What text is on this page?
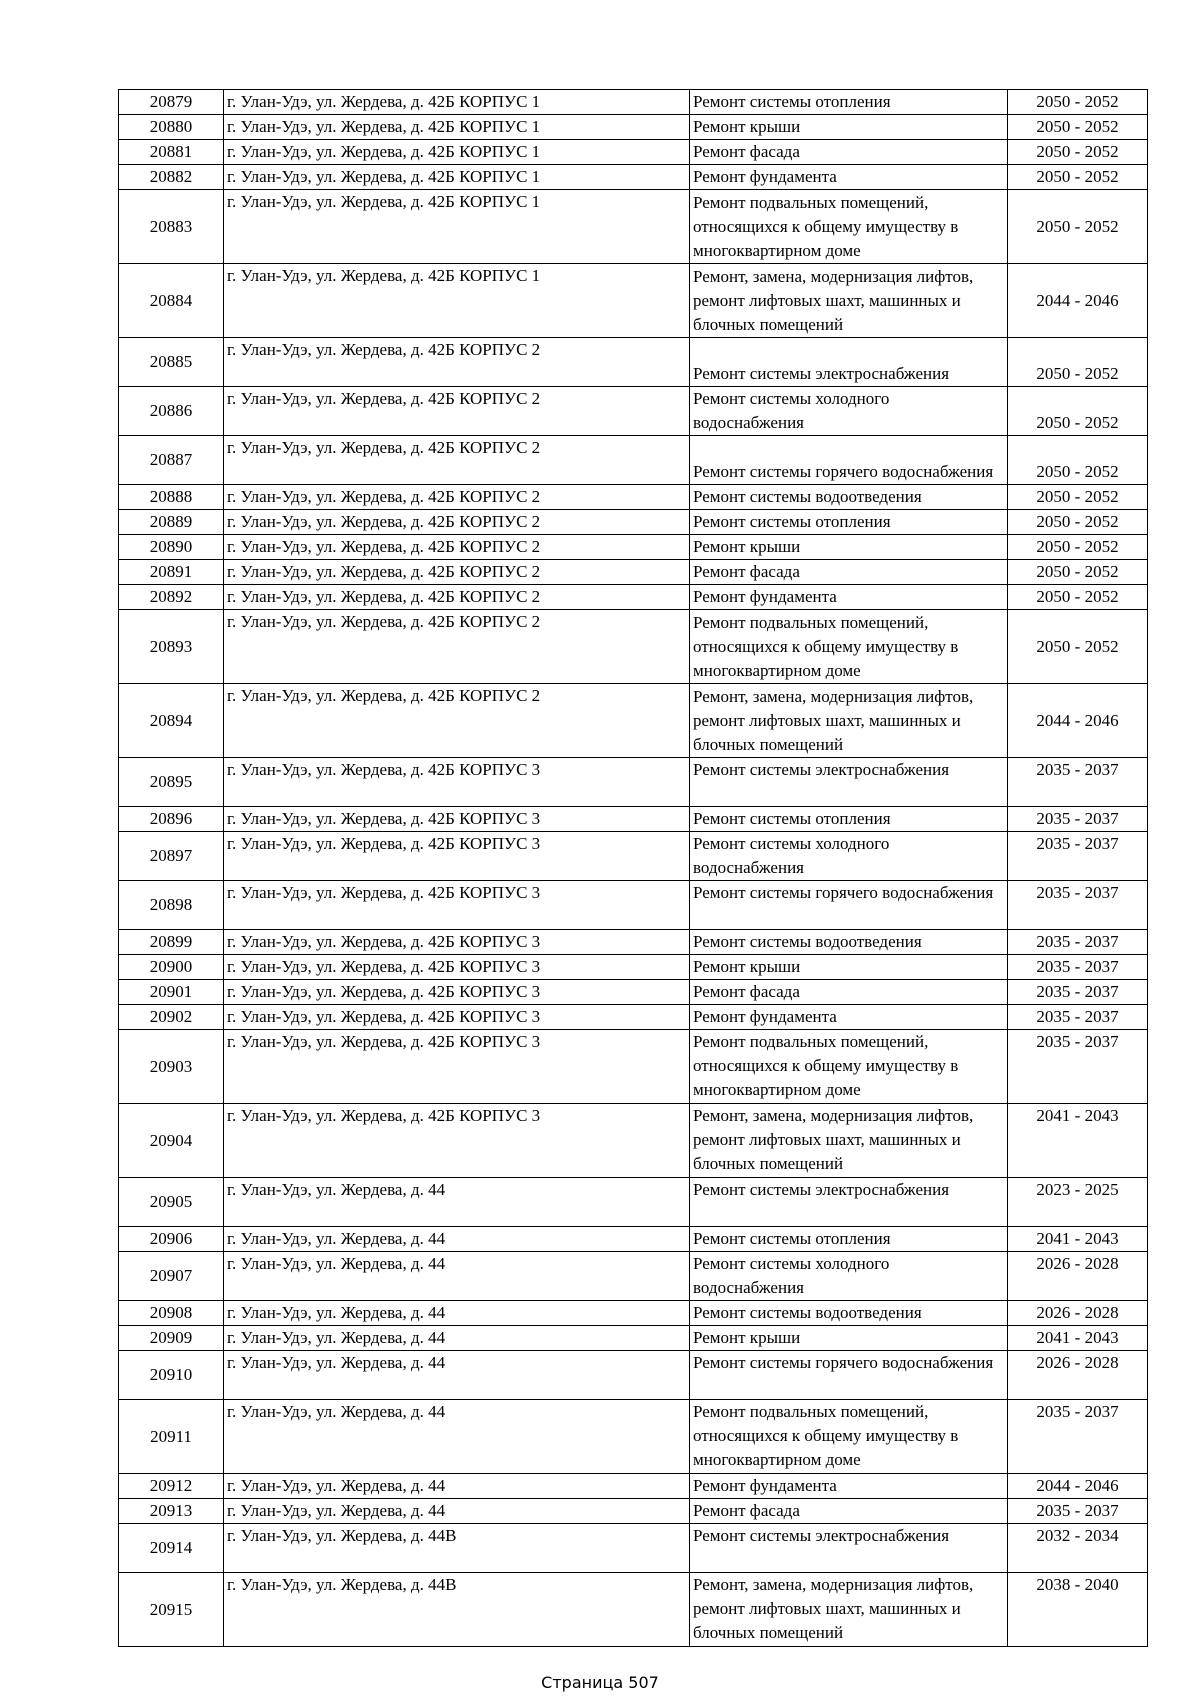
20879	г. Улан-Удэ, ул. Жердева, д. 42Б КОРПУС 1	Ремонт системы отопления	2050 - 2052
20880	г. Улан-Удэ, ул. Жердева, д. 42Б КОРПУС 1	Ремонт крыши	2050 - 2052
20881	г. Улан-Удэ, ул. Жердева, д. 42Б КОРПУС 1	Ремонт фасада	2050 - 2052
20882	г. Улан-Удэ, ул. Жердева, д. 42Б КОРПУС 1	Ремонт фундамента	2050 - 2052
20883	г. Улан-Удэ, ул. Жердева, д. 42Б КОРПУС 1	Ремонт подвальных помещений, относящихся к общему имуществу в многоквартирном доме	2050 - 2052
20884	г. Улан-Удэ, ул. Жердева, д. 42Б КОРПУС 1	Ремонт, замена, модернизация лифтов, ремонт лифтовых шахт, машинных и блочных помещений	2044 - 2046
20885	г. Улан-Удэ, ул. Жердева, д. 42Б КОРПУС 2	Ремонт системы электроснабжения	2050 - 2052
20886	г. Улан-Удэ, ул. Жердева, д. 42Б КОРПУС 2	Ремонт системы холодного водоснабжения	2050 - 2052
20887	г. Улан-Удэ, ул. Жердева, д. 42Б КОРПУС 2	Ремонт системы горячего водоснабжения	2050 - 2052
20888	г. Улан-Удэ, ул. Жердева, д. 42Б КОРПУС 2	Ремонт системы водоотведения	2050 - 2052
20889	г. Улан-Удэ, ул. Жердева, д. 42Б КОРПУС 2	Ремонт системы отопления	2050 - 2052
20890	г. Улан-Удэ, ул. Жердева, д. 42Б КОРПУС 2	Ремонт крыши	2050 - 2052
20891	г. Улан-Удэ, ул. Жердева, д. 42Б КОРПУС 2	Ремонт фасада	2050 - 2052
20892	г. Улан-Удэ, ул. Жердева, д. 42Б КОРПУС 2	Ремонт фундамента	2050 - 2052
20893	г. Улан-Удэ, ул. Жердева, д. 42Б КОРПУС 2	Ремонт подвальных помещений, относящихся к общему имуществу в многоквартирном доме	2050 - 2052
20894	г. Улан-Удэ, ул. Жердева, д. 42Б КОРПУС 2	Ремонт, замена, модернизация лифтов, ремонт лифтовых шахт, машинных и блочных помещений	2044 - 2046
20895	г. Улан-Удэ, ул. Жердева, д. 42Б КОРПУС 3	Ремонт системы электроснабжения	2035 - 2037
20896	г. Улан-Удэ, ул. Жердева, д. 42Б КОРПУС 3	Ремонт системы отопления	2035 - 2037
20897	г. Улан-Удэ, ул. Жердева, д. 42Б КОРПУС 3	Ремонт системы холодного водоснабжения	2035 - 2037
20898	г. Улан-Удэ, ул. Жердева, д. 42Б КОРПУС 3	Ремонт системы горячего водоснабжения	2035 - 2037
20899	г. Улан-Удэ, ул. Жердева, д. 42Б КОРПУС 3	Ремонт системы водоотведения	2035 - 2037
20900	г. Улан-Удэ, ул. Жердева, д. 42Б КОРПУС 3	Ремонт крыши	2035 - 2037
20901	г. Улан-Удэ, ул. Жердева, д. 42Б КОРПУС 3	Ремонт фасада	2035 - 2037
20902	г. Улан-Удэ, ул. Жердева, д. 42Б КОРПУС 3	Ремонт фундамента	2035 - 2037
20903	г. Улан-Удэ, ул. Жердева, д. 42Б КОРПУС 3	Ремонт подвальных помещений, относящихся к общему имуществу в многоквартирном доме	2035 - 2037
20904	г. Улан-Удэ, ул. Жердева, д. 42Б КОРПУС 3	Ремонт, замена, модернизация лифтов, ремонт лифтовых шахт, машинных и блочных помещений	2041 - 2043
20905	г. Улан-Удэ, ул. Жердева, д. 44	Ремонт системы электроснабжения	2023 - 2025
20906	г. Улан-Удэ, ул. Жердева, д. 44	Ремонт системы отопления	2041 - 2043
20907	г. Улан-Удэ, ул. Жердева, д. 44	Ремонт системы холодного водоснабжения	2026 - 2028
20908	г. Улан-Удэ, ул. Жердева, д. 44	Ремонт системы водоотведения	2026 - 2028
20909	г. Улан-Удэ, ул. Жердева, д. 44	Ремонт крыши	2041 - 2043
20910	г. Улан-Удэ, ул. Жердева, д. 44	Ремонт системы горячего водоснабжения	2026 - 2028
20911	г. Улан-Удэ, ул. Жердева, д. 44	Ремонт подвальных помещений, относящихся к общему имуществу в многоквартирном доме	2035 - 2037
20912	г. Улан-Удэ, ул. Жердева, д. 44	Ремонт фундамента	2044 - 2046
20913	г. Улан-Удэ, ул. Жердева, д. 44	Ремонт фасада	2035 - 2037
20914	г. Улан-Удэ, ул. Жердева, д. 44В	Ремонт системы электроснабжения	2032 - 2034
20915	г. Улан-Удэ, ул. Жердева, д. 44В	Ремонт, замена, модернизация лифтов, ремонт лифтовых шахт, машинных и блочных помещений	2038 - 2040
Страница 507
